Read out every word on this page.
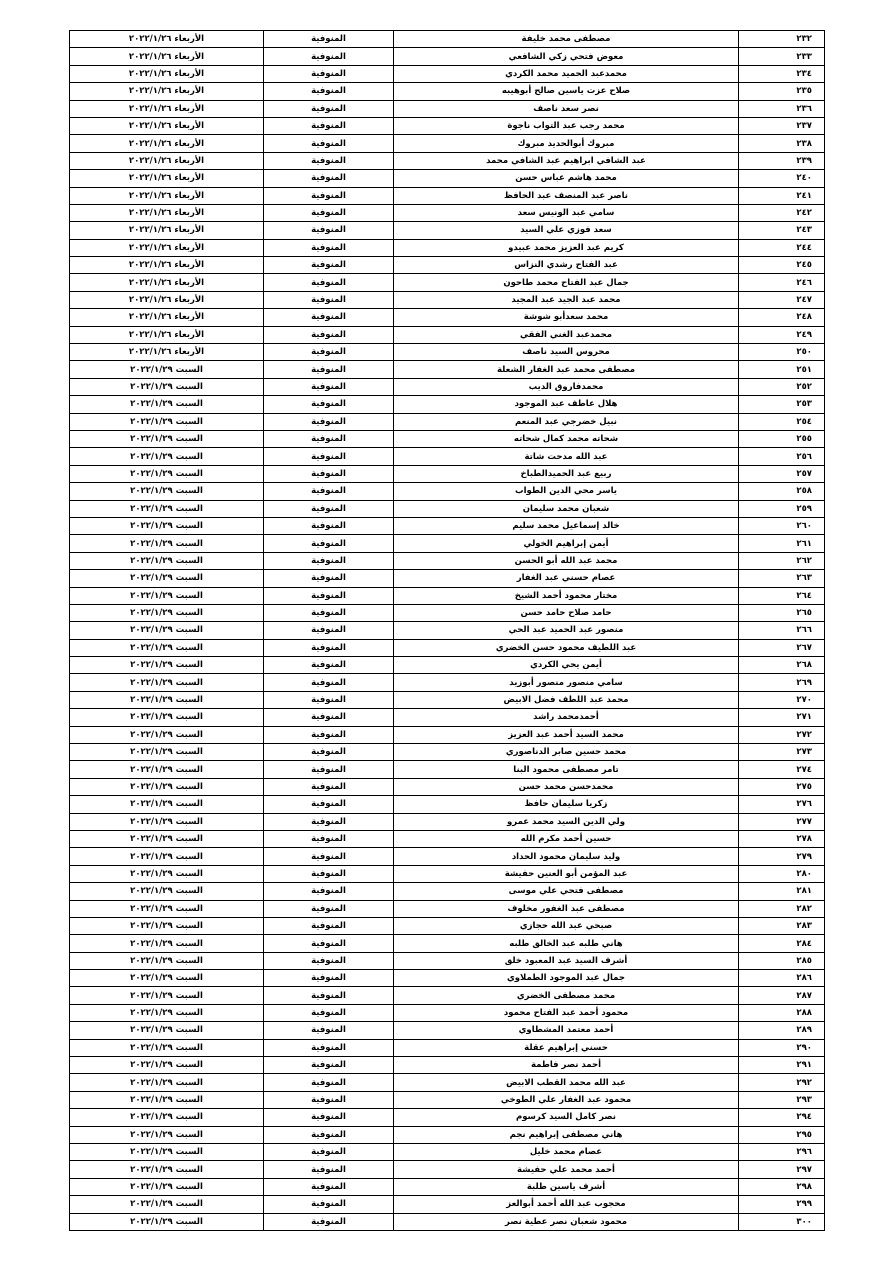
٢٣٢	مصطفى محمد خليفة	المنوفية	الأربعاء ٢٠٢٢/١/٢٦
٢٣٣	معوض فتحي زكي الشافعي	المنوفية	الأربعاء ٢٠٢٢/١/٢٦
٢٣٤	محمدعبد الحميد محمد الكردي	المنوفية	الأربعاء ٢٠٢٢/١/٢٦
٢٣٥	صلاح عزت ياسين صالح أبوهيبه	المنوفية	الأربعاء ٢٠٢٢/١/٢٦
٢٣٦	نصر سعد ناصف	المنوفية	الأربعاء ٢٠٢٢/١/٢٦
٢٣٧	محمد رجب عبد التواب ناجوة	المنوفية	الأربعاء ٢٠٢٢/١/٢٦
٢٣٨	مبروك أبوالحديد مبروك	المنوفية	الأربعاء ٢٠٢٢/١/٢٦
٢٣٩	عبد الشافي ابراهيم عبد الشافي محمد	المنوفية	الأربعاء ٢٠٢٢/١/٢٦
٢٤٠	محمد هاشم عباس حسن	المنوفية	الأربعاء ٢٠٢٢/١/٢٦
٢٤١	ناصر عبد المنصف عبد الحافظ	المنوفية	الأربعاء ٢٠٢٢/١/٢٦
٢٤٢	سامي عبد الونيس سعد	المنوفية	الأربعاء ٢٠٢٢/١/٢٦
٢٤٣	سعد فوزي علي السيد	المنوفية	الأربعاء ٢٠٢٢/١/٢٦
٢٤٤	كريم عبد العزيز محمد عبيدو	المنوفية	الأربعاء ٢٠٢٢/١/٢٦
٢٤٥	عبد الفتاح رشدي النزاس	المنوفية	الأربعاء ٢٠٢٢/١/٢٦
٢٤٦	جمال عبد الفتاح محمد طاحون	المنوفية	الأربعاء ٢٠٢٢/١/٢٦
٢٤٧	محمد عبد الجيد عبد المجيد	المنوفية	الأربعاء ٢٠٢٢/١/٢٦
٢٤٨	محمد سعدأبو شوشة	المنوفية	الأربعاء ٢٠٢٢/١/٢٦
٢٤٩	محمدعبد الغني الفقي	المنوفية	الأربعاء ٢٠٢٢/١/٢٦
٢٥٠	محروس السيد ناصف	المنوفية	الأربعاء ٢٠٢٢/١/٢٦
٢٥١	مصطفى محمد عبد الغفار الشعلة	المنوفية	السبت ٢٠٢٢/١/٢٩
٢٥٢	محمدفاروق الديب	المنوفية	السبت ٢٠٢٢/١/٢٩
٢٥٣	هلال عاطف عبد الموجود	المنوفية	السبت ٢٠٢٢/١/٢٩
٢٥٤	نبيل خضرجي عبد المنعم	المنوفية	السبت ٢٠٢٢/١/٢٩
٢٥٥	شحاته محمد كمال شحاته	المنوفية	السبت ٢٠٢٢/١/٢٩
٢٥٦	عبد الله مدحت شاتة	المنوفية	السبت ٢٠٢٢/١/٢٩
٢٥٧	ربيع عبد الحميدالطباخ	المنوفية	السبت ٢٠٢٢/١/٢٩
٢٥٨	ياسر محي الدين الطواب	المنوفية	السبت ٢٠٢٢/١/٢٩
٢٥٩	شعبان محمد سليمان	المنوفية	السبت ٢٠٢٢/١/٢٩
٢٦٠	خالد إسماعيل محمد سليم	المنوفية	السبت ٢٠٢٢/١/٢٩
٢٦١	أيمن إبراهيم الخولي	المنوفية	السبت ٢٠٢٢/١/٢٩
٢٦٢	محمد عبد الله أبو الحسن	المنوفية	السبت ٢٠٢٢/١/٢٩
٢٦٣	عصام حسني عبد الغفار	المنوفية	السبت ٢٠٢٢/١/٢٩
٢٦٤	مختار محمود أحمد الشيخ	المنوفية	السبت ٢٠٢٢/١/٢٩
٢٦٥	حامد صلاح حامد حسن	المنوفية	السبت ٢٠٢٢/١/٢٩
٢٦٦	منصور عبد الحميد عبد الحي	المنوفية	السبت ٢٠٢٢/١/٢٩
٢٦٧	عبد اللطيف محمود حسن الخضري	المنوفية	السبت ٢٠٢٢/١/٢٩
٢٦٨	أيمن يحي الكردي	المنوفية	السبت ٢٠٢٢/١/٢٩
٢٦٩	سامي منصور منصور أبوزيد	المنوفية	السبت ٢٠٢٢/١/٢٩
٢٧٠	محمد عبد اللطف فضل الابيض	المنوفية	السبت ٢٠٢٢/١/٢٩
٢٧١	أحمدمحمد راشد	المنوفية	السبت ٢٠٢٢/١/٢٩
٢٧٢	محمد السيد أحمد عبد العزيز	المنوفية	السبت ٢٠٢٢/١/٢٩
٢٧٣	محمد حسين صابر الدناصوري	المنوفية	السبت ٢٠٢٢/١/٢٩
٢٧٤	تامر مصطفى محمود البنا	المنوفية	السبت ٢٠٢٢/١/٢٩
٢٧٥	محمدحسن محمد حسن	المنوفية	السبت ٢٠٢٢/١/٢٩
٢٧٦	زكريا سليمان حافظ	المنوفية	السبت ٢٠٢٢/١/٢٩
٢٧٧	ولي الدين السيد محمد عمرو	المنوفية	السبت ٢٠٢٢/١/٢٩
٢٧٨	حسين أحمد مكرم الله	المنوفية	السبت ٢٠٢٢/١/٢٩
٢٧٩	وليد سليمان محمود الحداد	المنوفية	السبت ٢٠٢٢/١/٢٩
٢٨٠	عبد المؤمن أبو العنين حفيشة	المنوفية	السبت ٢٠٢٢/١/٢٩
٢٨١	مصطفى فتحي علي موسى	المنوفية	السبت ٢٠٢٢/١/٢٩
٢٨٢	مصطفى عبد الغفور مخلوف	المنوفية	السبت ٢٠٢٢/١/٢٩
٢٨٣	صبحي عبد الله حجازي	المنوفية	السبت ٢٠٢٢/١/٢٩
٢٨٤	هاني طلبه عبد الخالق طلبه	المنوفية	السبت ٢٠٢٢/١/٢٩
٢٨٥	أشرف السيد عبد المعبود خلق	المنوفية	السبت ٢٠٢٢/١/٢٩
٢٨٦	جمال عبد الموجود الطملاوي	المنوفية	السبت ٢٠٢٢/١/٢٩
٢٨٧	محمد مصطفى الخضري	المنوفية	السبت ٢٠٢٢/١/٢٩
٢٨٨	محمود أحمد عبد الفتاح محمود	المنوفية	السبت ٢٠٢٢/١/٢٩
٢٨٩	أحمد معتمد المشطاوي	المنوفية	السبت ٢٠٢٢/١/٢٩
٢٩٠	حسني إبراهيم عقلة	المنوفية	السبت ٢٠٢٢/١/٢٩
٢٩١	أحمد نصر فاطمة	المنوفية	السبت ٢٠٢٢/١/٢٩
٢٩٢	عبد الله محمد القطب الابيض	المنوفية	السبت ٢٠٢٢/١/٢٩
٢٩٣	محمود عبد الغفار علي الطوخي	المنوفية	السبت ٢٠٢٢/١/٢٩
٢٩٤	نصر كامل السيد كرسوم	المنوفية	السبت ٢٠٢٢/١/٢٩
٢٩٥	هاني مصطفى إبراهيم نجم	المنوفية	السبت ٢٠٢٢/١/٢٩
٢٩٦	عصام محمد خليل	المنوفية	السبت ٢٠٢٢/١/٢٩
٢٩٧	أحمد محمد علي حفيشة	المنوفية	السبت ٢٠٢٢/١/٢٩
٢٩٨	أشرف ياسين طلبة	المنوفية	السبت ٢٠٢٢/١/٢٩
٢٩٩	محجوب عبد الله أحمد أبوالعز	المنوفية	السبت ٢٠٢٢/١/٢٩
٣٠٠	محمود شعبان نصر عطية نصر	المنوفية	السبت ٢٠٢٢/١/٢٩
